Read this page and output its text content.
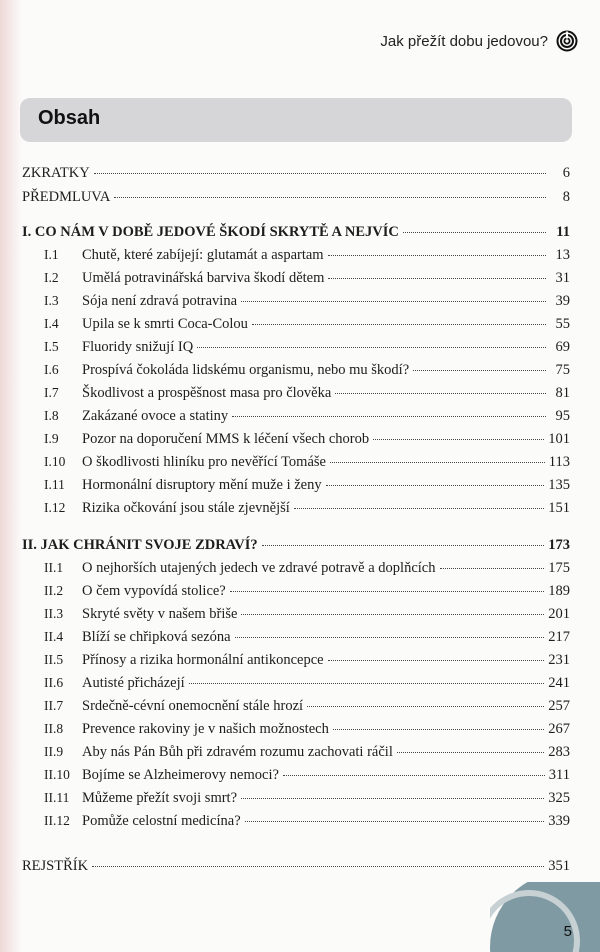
Jak přežít dobu jedovou?
Obsah
ZKRATKY	6
PŘEDMLUVA	8
I. CO NÁM V DOBĚ JEDOVÉ ŠKODÍ SKRYTĚ A NEJVÍC	11
I.1	Chutě, které zabíjejí: glutamát a aspartam	13
I.2	Umělá potravinářská barviva škodí dětem	31
I.3	Sója není zdravá potravina	39
I.4	Upila se k smrti Coca-Colou	55
I.5	Fluoridy snižují IQ	69
I.6	Prospívá čokoláda lidskému organismu, nebo mu škodí?	75
I.7	Škodlivost a prospěšnost masa pro člověka	81
I.8	Zakázané ovoce a statiny	95
I.9	Pozor na doporučení MMS k léčení všech chorob	101
I.10	O škodlivosti hliníku pro nevěřící Tomáše	113
I.11	Hormonální disruptory mění muže i ženy	135
I.12	Rizika očkování jsou stále zjevnější	151
II. JAK CHRÁNIT SVOJE ZDRAVÍ?	173
II.1	O nejhorších utajených jedech ve zdravé potravě a doplňcích	175
II.2	O čem vypovídá stolice?	189
II.3	Skryté světy v našem břiše	201
II.4	Blíží se chřipková sezóna	217
II.5	Přínosy a rizika hormonální antikoncepce	231
II.6	Autisté přicházejí	241
II.7	Srdečně-cévní onemocnění stále hrozí	257
II.8	Prevence rakoviny je v našich možnostech	267
II.9	Aby nás Pán Bůh při zdravém rozumu zachovati ráčil	283
II.10 Bojíme se Alzheimerovy nemoci?	311
II.11 Můžeme přežít svoji smrt?	325
II.12 Pomůže celostní medicína?	339
REJSTŘÍK	351
5
